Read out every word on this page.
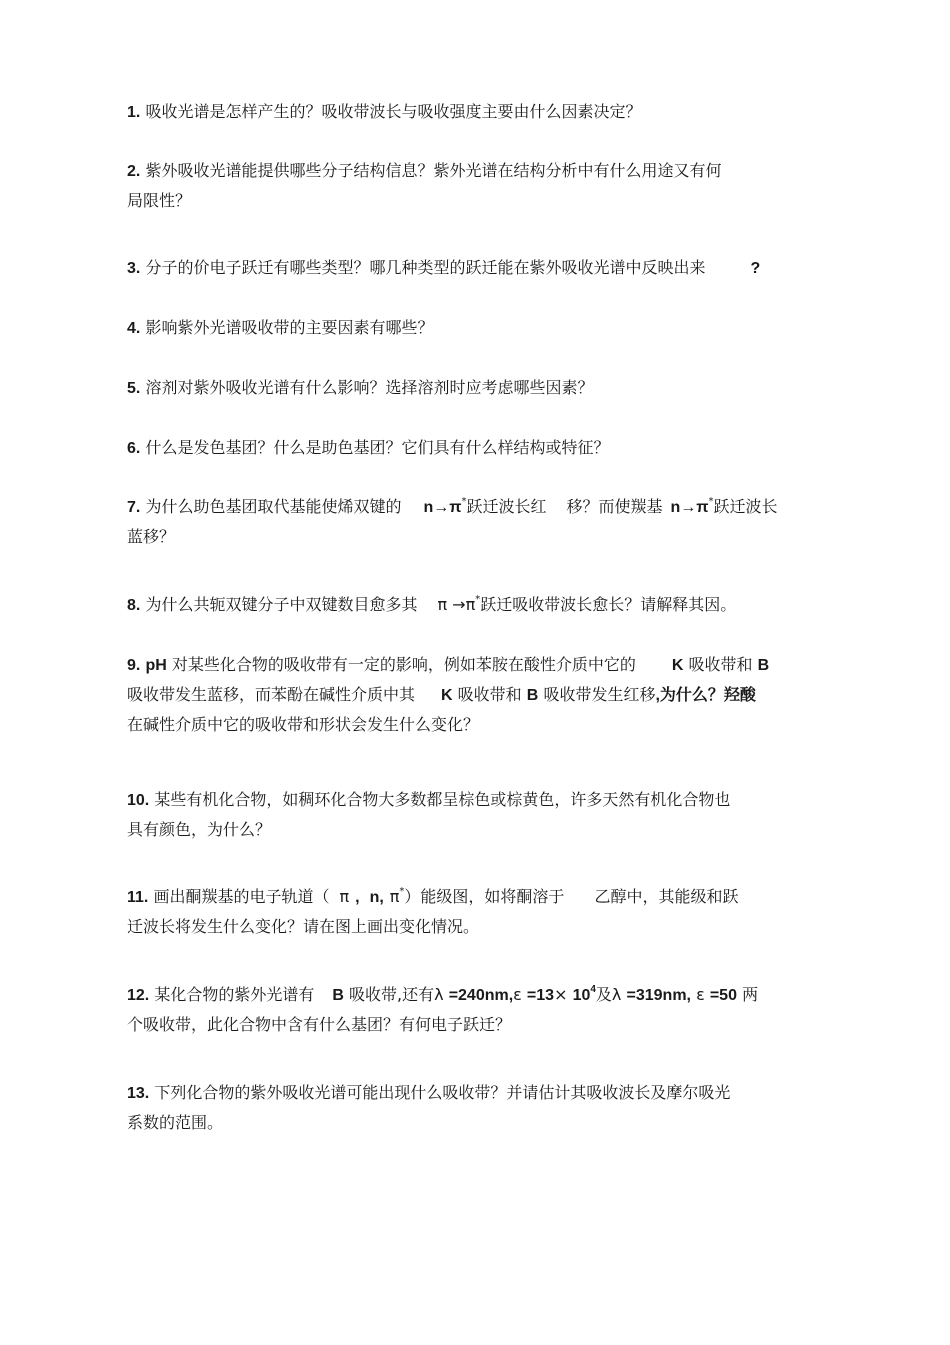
1. 吸收光谱是怎样产生的？吸收带波长与吸收强度主要由什么因素决定？
2. 紫外吸收光谱能提供哪些分子结构信息？紫外光谱在结构分析中有什么用途又有何
局限性？
3. 分子的价电子跃迁有哪些类型？哪几种类型的跃迁能在紫外吸收光谱中反映出来	?
4. 影响紫外光谱吸收带的主要因素有哪些？
5. 溶剂对紫外吸收光谱有什么影响？选择溶剂时应考虑哪些因素？
6. 什么是发色基团？什么是助色基团？它们具有什么样结构或特征？
7. 为什么助色基团取代基能使烯双键的 n→π*跃迁波长红 移？而使羰基 n→π*跃迁波长
蓝移？
8. 为什么共轭双键分子中双键数目愈多其 π →π*跃迁吸收带波长愈长？请解释其因。
9. pH 对某些化合物的吸收带有一定的影响，例如苯胺在酸性介质中它的 K 吸收带和 B
吸收带发生蓝移，而苯酚在碱性介质中其 K 吸收带和 B 吸收带发生红移,为什么？羟酸
在碱性介质中它的吸收带和形状会发生什么变化？
10. 某些有机化合物，如稠环化合物大多数都呈棕色或棕黄色，许多天然有机化合物也
具有颜色，为什么？
11. 画出酮羰基的电子轨道（ π , n, π*）能级图，如将酮溶于 乙醇中，其能级和跃
迁波长将发生什么变化？请在图上画出变化情况。
12. 某化合物的紫外光谱有 B 吸收带,还有$\lambda =240nm,\varepsilon =13\times 10^4$及λ =319nm, ε =50 两
个吸收带，此化合物中含有什么基团？有何电子跃迁？
13. 下列化合物的紫外吸收光谱可能出现什么吸收带？并请估计其吸收波长及摩尔吸光
系数的范围。
